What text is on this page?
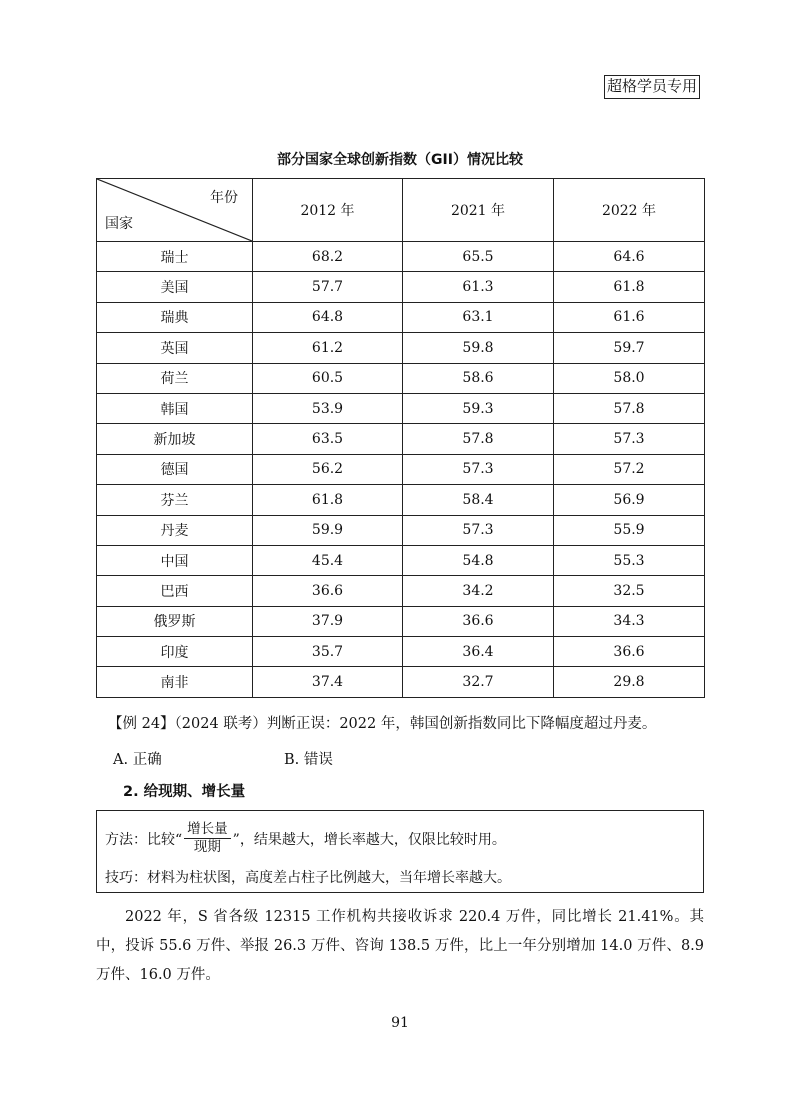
超格学员专用
部分国家全球创新指数（GII）情况比较
年份
国家	2012 年	2021 年	2022 年
瑞士	68.2	65.5	64.6
美国	57.7	61.3	61.8
瑞典	64.8	63.1	61.6
英国	61.2	59.8	59.7
荷兰	60.5	58.6	58.0
韩国	53.9	59.3	57.8
新加坡	63.5	57.8	57.3
德国	56.2	57.3	57.2
芬兰	61.8	58.4	56.9
丹麦	59.9	57.3	55.9
中国	45.4	54.8	55.3
巴西	36.6	34.2	32.5
俄罗斯	37.9	36.6	34.3
印度	35.7	36.4	36.6
南非	37.4	32.7	29.8
【例 24】（2024 联考）判断正误：2022 年，韩国创新指数同比下降幅度超过丹麦。
A. 正确	B. 错误
2. 给现期、增长量
方法：比较“ $\frac{\text{增长量}}{\text{现期}}$ ”，结果越大，增长率越大，仅限比较时用。
技巧：材料为柱状图，高度差占柱子比例越大，当年增长率越大。
2022 年，S 省各级 12315 工作机构共接收诉求 220.4 万件，同比增长 21.41%。其中，投诉 55.6 万件、举报 26.3 万件、咨询 138.5 万件，比上一年分别增加 14.0 万件、8.9 万件、16.0 万件。
91
